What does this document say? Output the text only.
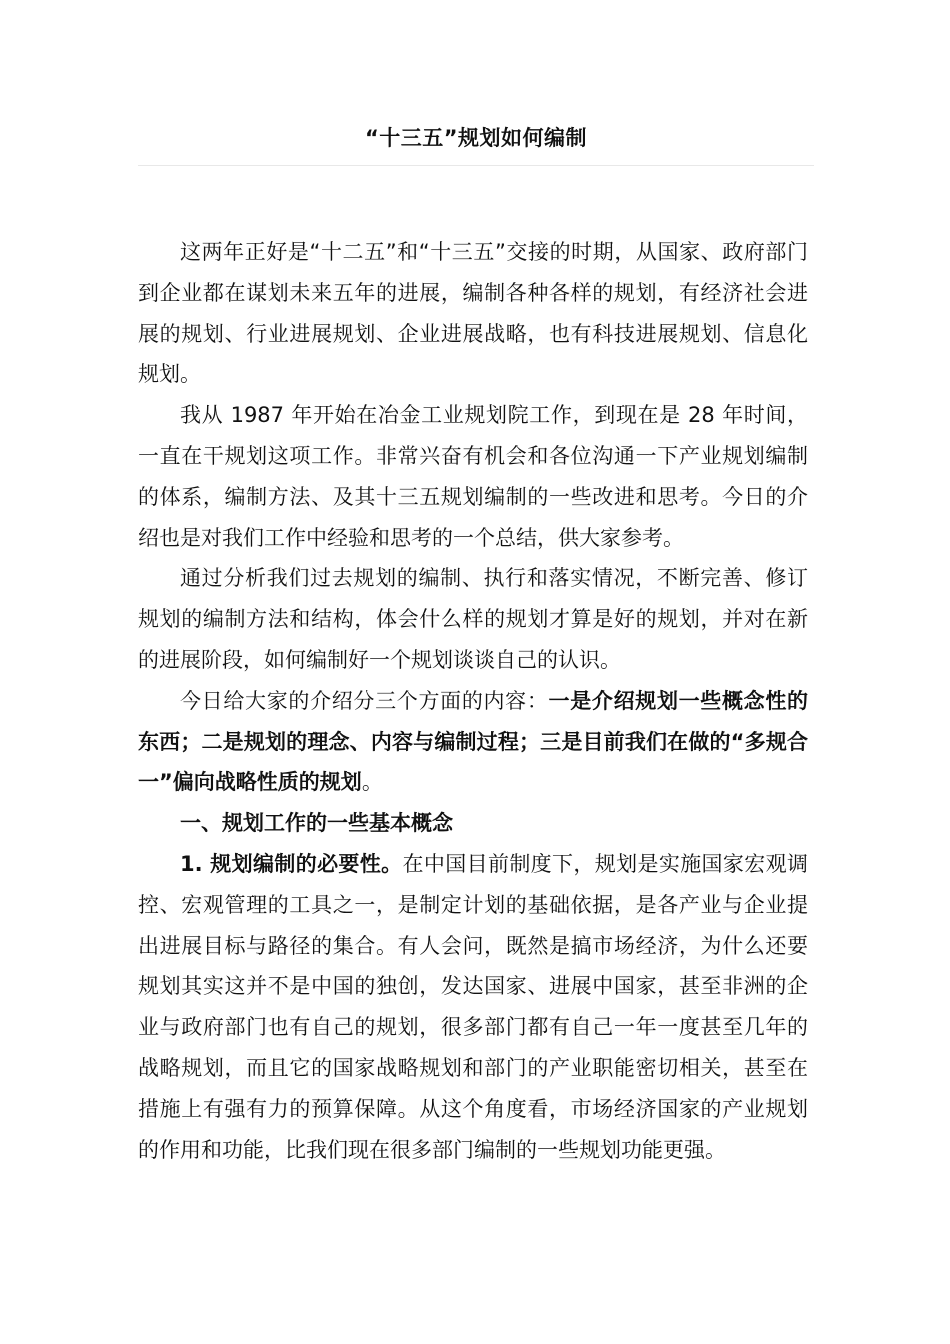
“十三五”规划如何编制

这两年正好是“十二五”和“十三五”交接的时期，从国家、政府部门到企业都在谋划未来五年的进展，编制各种各样的规划，有经济社会进展的规划、行业进展规划、企业进展战略，也有科技进展规划、信息化规划。

我从 1987 年开始在冶金工业规划院工作，到现在是 28 年时间，一直在干规划这项工作。非常兴奋有机会和各位沟通一下产业规划编制的体系，编制方法、及其十三五规划编制的一些改进和思考。今日的介绍也是对我们工作中经验和思考的一个总结，供大家参考。

通过分析我们过去规划的编制、执行和落实情况，不断完善、修订规划的编制方法和结构，体会什么样的规划才算是好的规划，并对在新的进展阶段，如何编制好一个规划谈谈自己的认识。

今日给大家的介绍分三个方面的内容：一是介绍规划一些概念性的东西；二是规划的理念、内容与编制过程；三是目前我们在做的“多规合一”偏向战略性质的规划。

一、规划工作的一些基本概念

1. 规划编制的必要性。在中国目前制度下，规划是实施国家宏观调控、宏观管理的工具之一，是制定计划的基础依据，是各产业与企业提出进展目标与路径的集合。有人会问，既然是搞市场经济，为什么还要规划其实这并不是中国的独创，发达国家、进展中国家，甚至非洲的企业与政府部门也有自己的规划，很多部门都有自己一年一度甚至几年的战略规划，而且它的国家战略规划和部门的产业职能密切相关，甚至在措施上有强有力的预算保障。从这个角度看，市场经济国家的产业规划的作用和功能，比我们现在很多部门编制的一些规划功能更强。
